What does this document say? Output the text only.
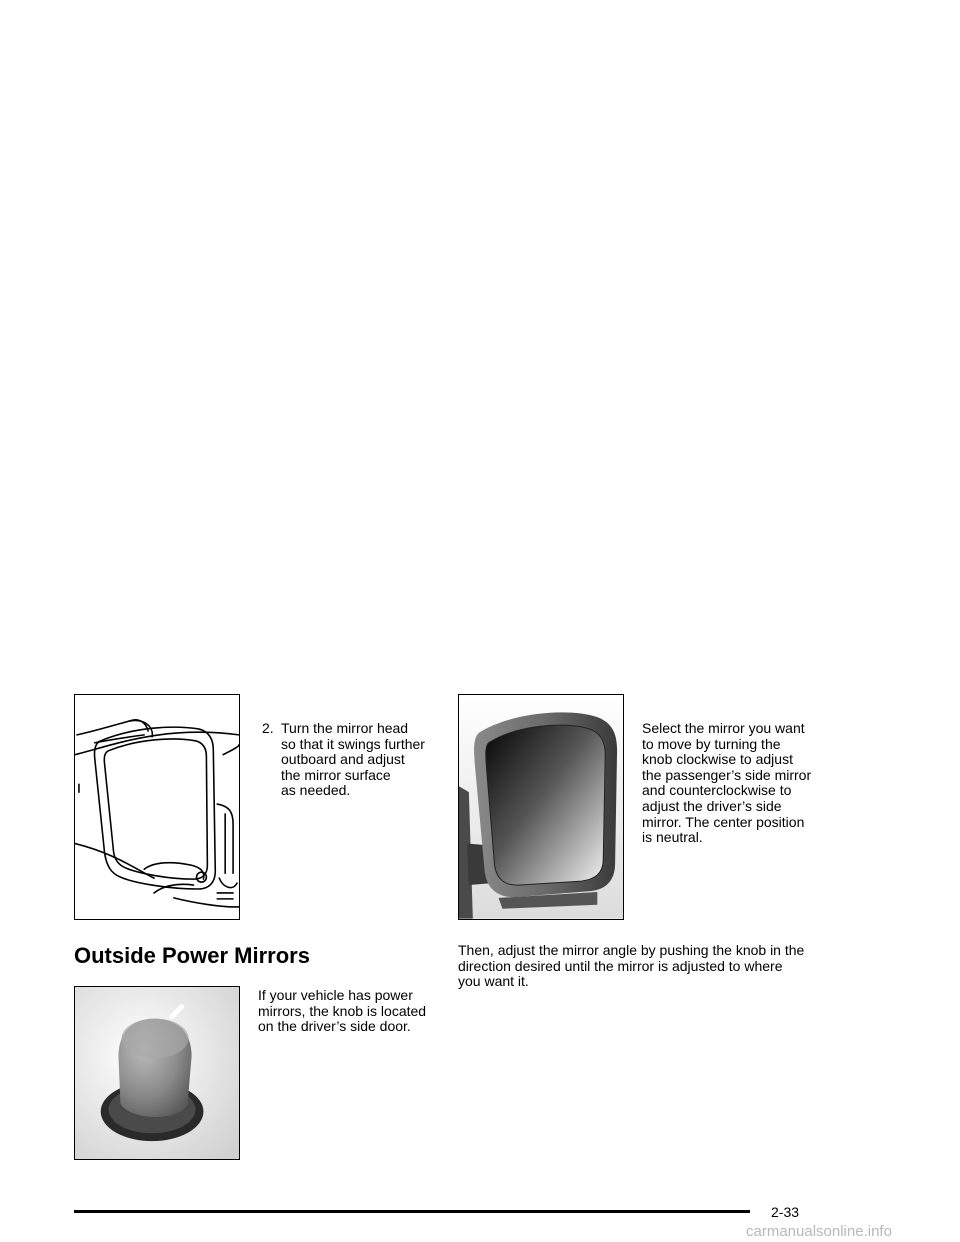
2. Turn the mirror head

so that it swings further

outboard and adjust

the mirror surface

as needed.

Select the mirror you want

to move by turning the

knob clockwise to adjust

the passenger’s side mirror

and counterclockwise to

adjust the driver’s side

mirror. The center position

is neutral.

Outside Power Mirrors	Then, adjust the mirror angle by pushing the knob in the

direction desired until the mirror is adjusted to where

you want it.

If your vehicle has power

mirrors, the knob is located

on the driver’s side door.

2-33
carmanualsonline.info
